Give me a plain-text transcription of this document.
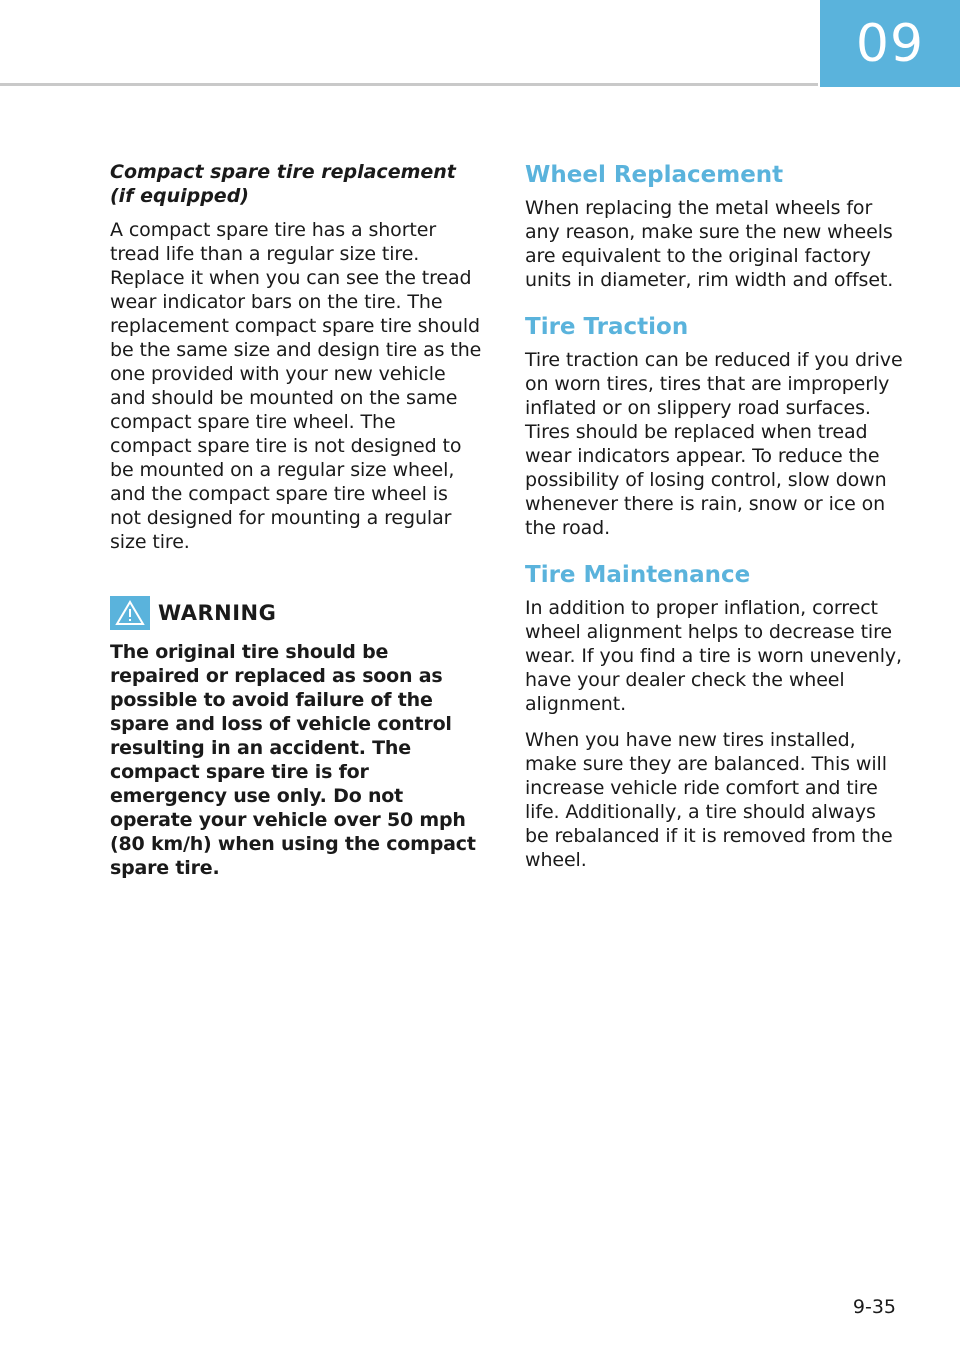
09
Compact spare tire replacement
(if equipped)

A compact spare tire has a shorter tread life than a regular size tire. Replace it when you can see the tread wear indicator bars on the tire. The replacement compact spare tire should be the same size and design tire as the one provided with your new vehicle and should be mounted on the same compact spare tire wheel. The compact spare tire is not designed to be mounted on a regular size wheel, and the compact spare tire wheel is not designed for mounting a regular size tire.

WARNING

The original tire should be repaired or replaced as soon as possible to avoid failure of the spare and loss of vehicle control resulting in an accident. The compact spare tire is for emergency use only. Do not operate your vehicle over 50 mph (80 km/h) when using the compact spare tire.

Wheel Replacement

When replacing the metal wheels for any reason, make sure the new wheels are equivalent to the original factory units in diameter, rim width and offset.

Tire Traction

Tire traction can be reduced if you drive on worn tires, tires that are improperly inflated or on slippery road surfaces. Tires should be replaced when tread wear indicators appear. To reduce the possibility of losing control, slow down whenever there is rain, snow or ice on the road.

Tire Maintenance

In addition to proper inflation, correct wheel alignment helps to decrease tire wear. If you find a tire is worn unevenly, have your dealer check the wheel alignment.

When you have new tires installed, make sure they are balanced. This will increase vehicle ride comfort and tire life. Additionally, a tire should always be rebalanced if it is removed from the wheel.

9-35
